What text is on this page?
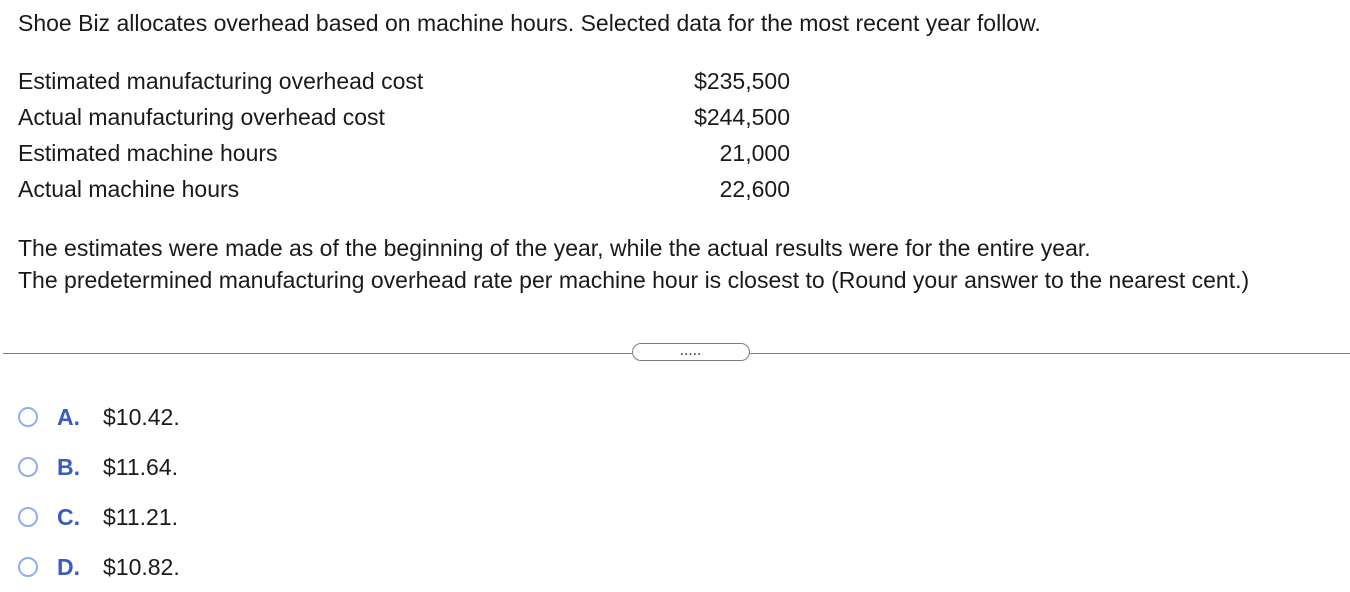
Shoe Biz allocates overhead based on machine hours. Selected data for the most recent year follow.
Estimated manufacturing overhead cost	$235,500
Actual manufacturing overhead cost	$244,500
Estimated machine hours	21,000
Actual machine hours	22,600

The estimates were made as of the beginning of the year, while the actual results were for the entire year.

The predetermined manufacturing overhead rate per machine hour is closest to (Round your answer to the nearest cent.)

.....
A.	$10.42.
B.	$11.64.
C.	$11.21.
D.	$10.82.
